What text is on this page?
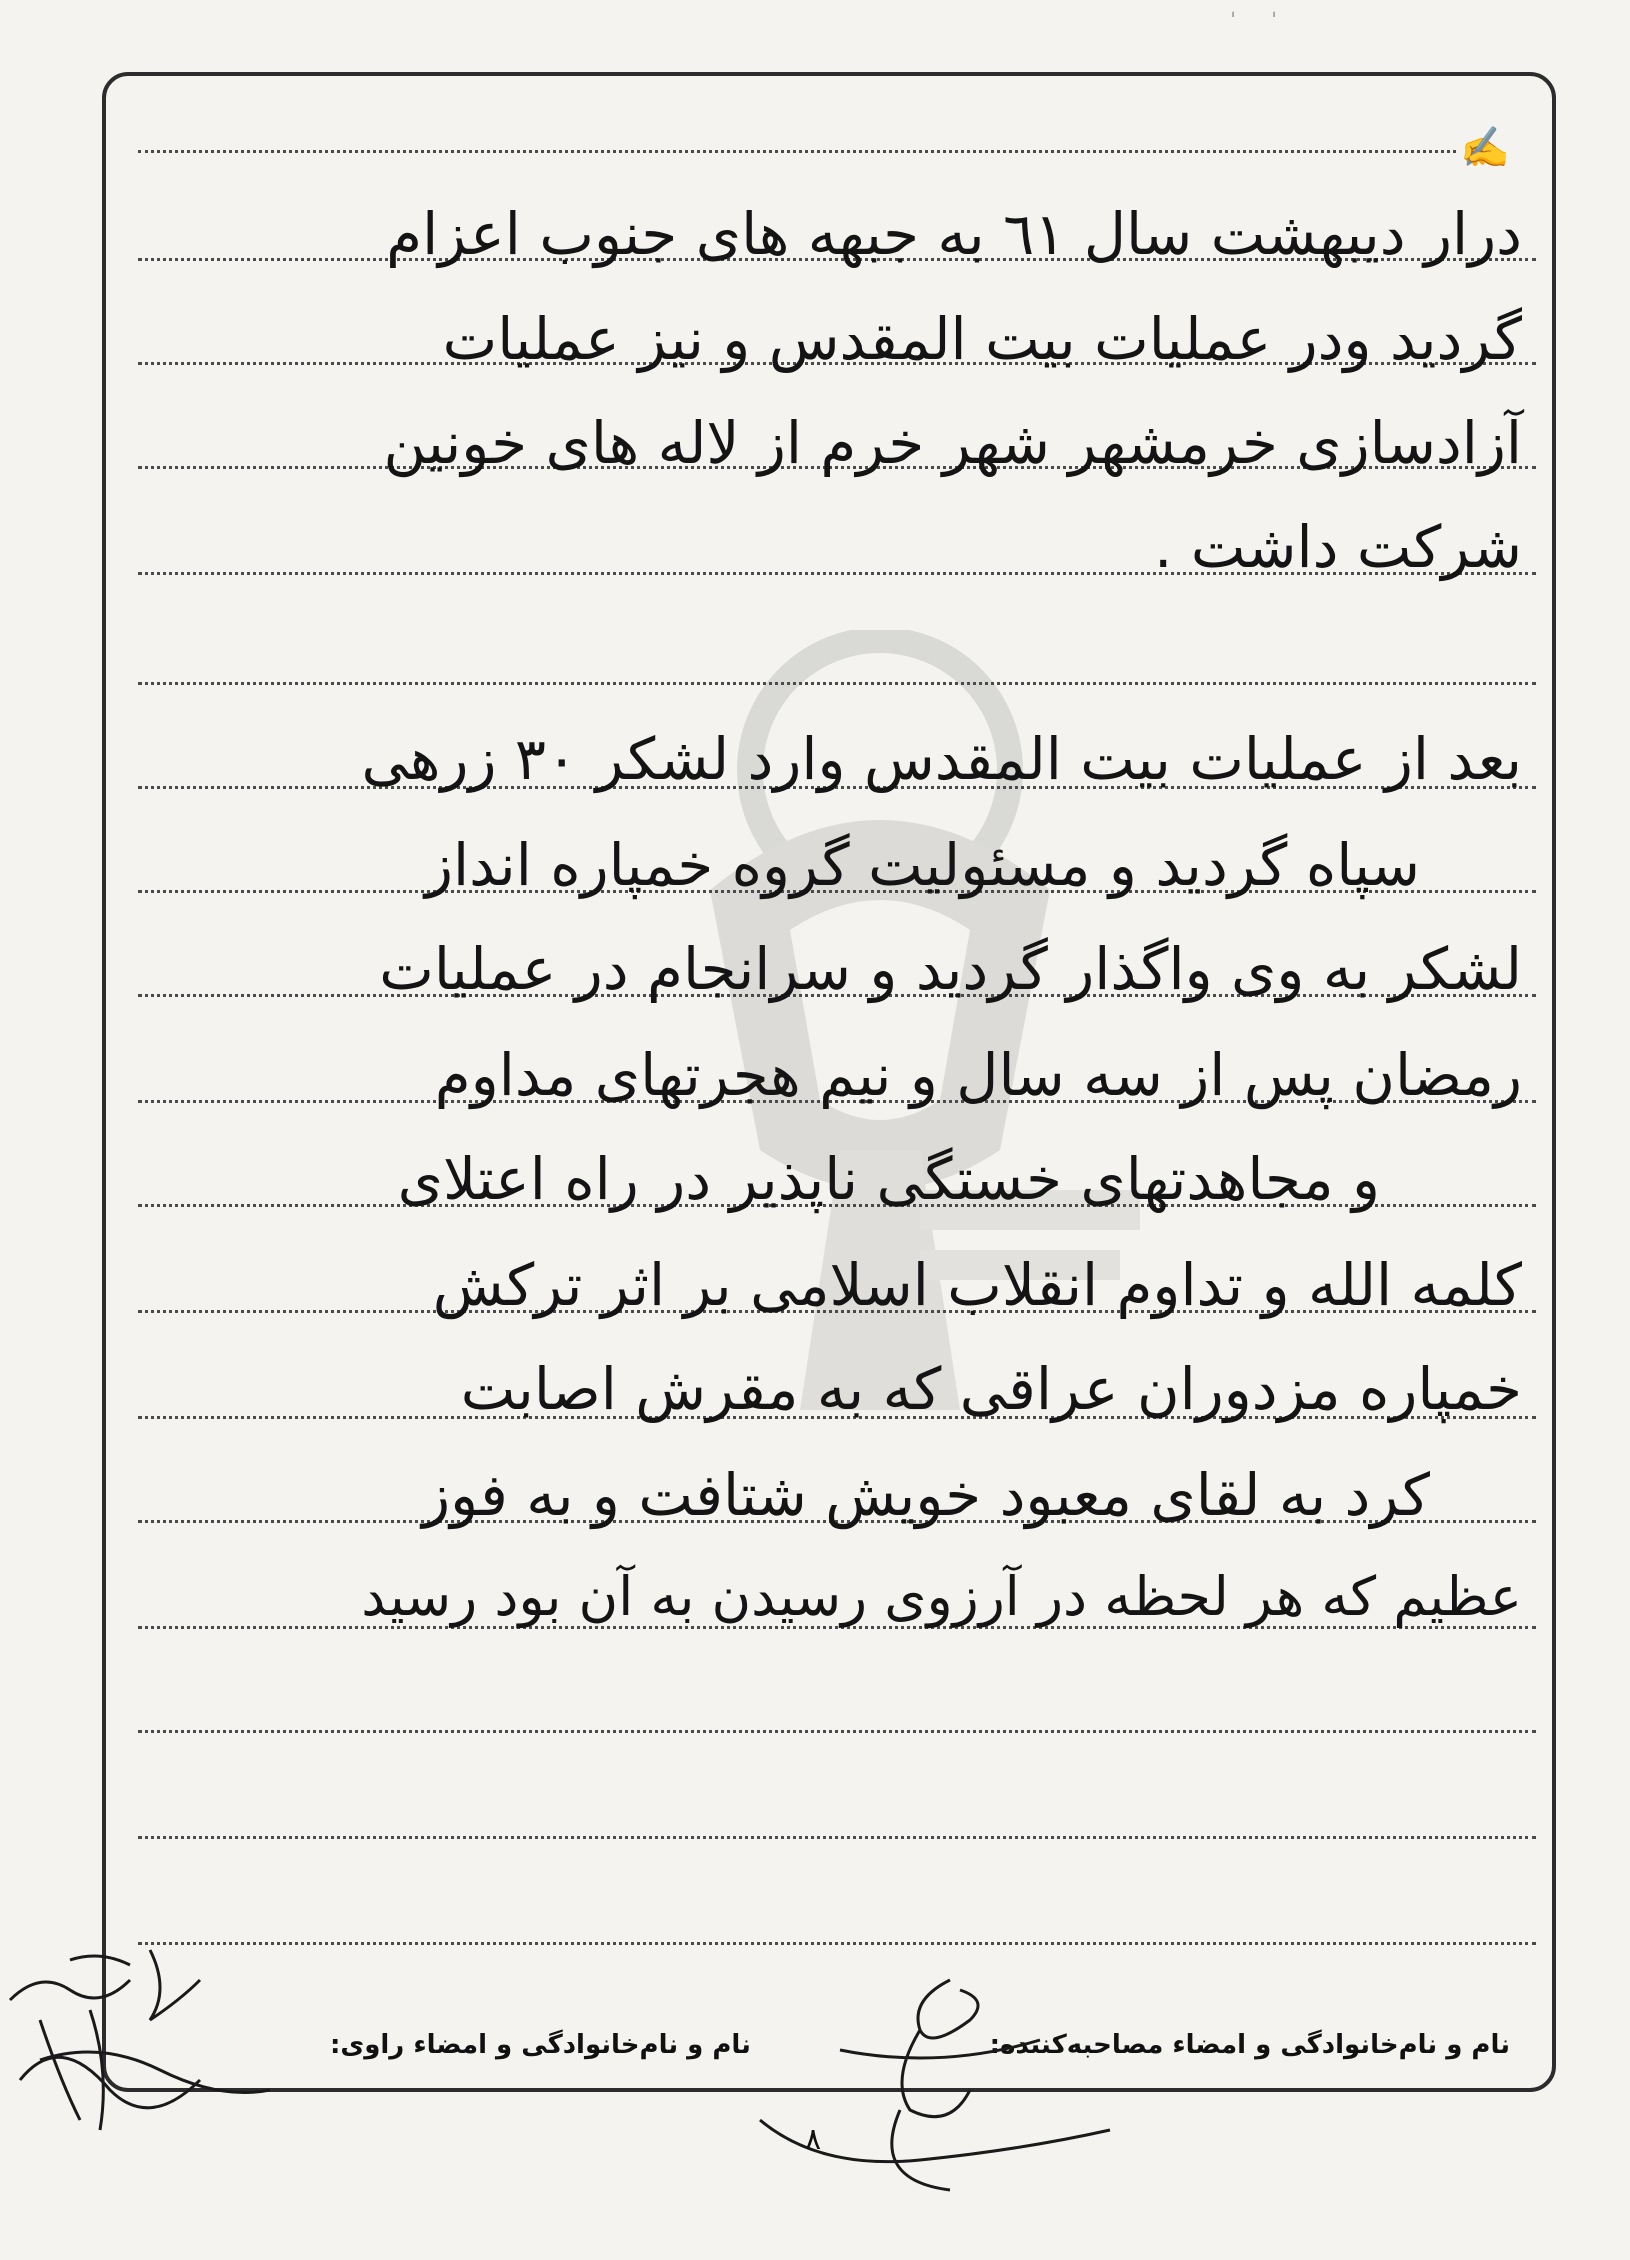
ˈ     ˈ
✍
درار دیبهشت سال ٦١ به جبهه های جنوب اعزام
گردید ودر عملیات بیت المقدس و نیز عملیات
آزادسازی خرمشهر شهر خرم از لاله های خونین
شرکت داشت .
بعد از عملیات بیت المقدس وارد لشکر ٣٠ زرهی
سپاه گردید و مسئولیت گروه خمپاره انداز
لشکر به وی واگذار گردید و سرانجام در عملیات
رمضان پس از سه سال و نیم هجرتهای مداوم
و مجاهدتهای خستگی ناپذیر در راه اعتلای
کلمه الله و تداوم انقلاب اسلامی بر اثر ترکش
خمپاره مزدوران عراقی که به مقرش اصابت
کرد به لقای معبود خویش شتافت و به فوز
عظیم که هر لحظه در آرزوی رسیدن به آن بود رسید
نام و نام‌خانوادگی و امضاء مصاحبه‌کننده:
نام و نام‌خانوادگی و امضاء راوی:
٨
